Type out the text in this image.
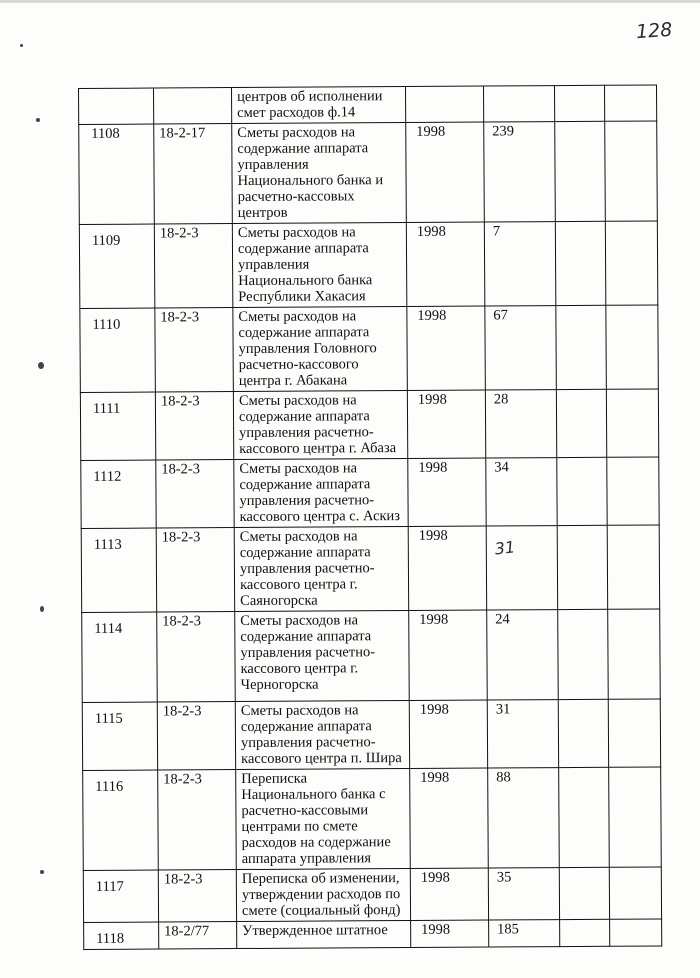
128
		центров об исполнении смет расходов ф.14				
1108	18-2-17	Сметы расходов на содержание аппарата управления Национального банка и расчетно-кассовых центров	1998	239		
1109	18-2-3	Сметы расходов на содержание аппарата управления Национального банка Республики Хакасия	1998	7		
1110	18-2-3	Сметы расходов на содержание аппарата управления Головного расчетно-кассового центра г. Абакана	1998	67		
1111	18-2-3	Сметы расходов на содержание аппарата управления расчетно-кассового центра г. Абаза	1998	28		
1112	18-2-3	Сметы расходов на содержание аппарата управления расчетно-кассового центра с. Аскиз	1998	34		
1113	18-2-3	Сметы расходов на содержание аппарата управления расчетно-кассового центра г. Саяногорска	1998	31		
1114	18-2-3	Сметы расходов на содержание аппарата управления расчетно-кассового центра г. Черногорска	1998	24		
1115	18-2-3	Сметы расходов на содержание аппарата управления расчетно-кассового центра п. Шира	1998	31		
1116	18-2-3	Переписка Национального банка с расчетно-кассовыми центрами по смете расходов на содержание аппарата управления	1998	88		
1117	18-2-3	Переписка об изменении, утверждении расходов по смете (социальный фонд)	1998	35		
1118	18-2/77	Утвержденное штатное	1998	185		
